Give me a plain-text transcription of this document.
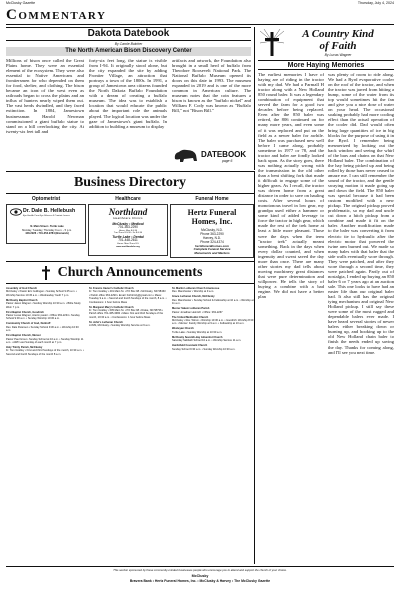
McClusky Gazette	Thursday, July 4, 2024
Commentary
Dakota Datebook
By Carole Butcher
The North American Bison Discovery Center
Millions of bison once called the Great Plains home. They were an essential element of the ecosystem. They were also essential to Native Americans and frontiersmen for who depended on them for food, shelter, and clothing. The bison became an icon of the west even as railroads began to cross the plains and an influx of hunters nearly wiped them out. The vast herds dwindled, and they faced extinction. In 1804, Jamestown businessman Harold Newman commissioned a giant buffalo statue to stand on a hill overlooking the city. At twenty-six feet tall and
forty-six feet long, the statue is visible from I-94. It originally stood alone, but the city expanded the site by adding Frontier Village, an attraction that portrays a town of the 1800s. In 1991, a group of Jamestown area citizens founded the North Dakota Buffalo Foundation with a dream of creating a buffalo museum. The idea was to establish a location that would educate the public about the important role the animals played. The logical location was under the gaze of Jamestown's giant buffalo. In addition to building a museum to display
artifacts and artwork, the Foundation also brought in a small herd of buffalo from Theodore Roosevelt National Park. The National Buffalo Museum opened its doors on this date in 1993. The museum expanded in 2019 and is one of the more common in American culture. The museum notes that the coin features a bison is known as the "buffalo nickel" and William F. Cody was known as "Buffalo Bill," not "Bison Bill."
DATEBOOK
page 6
A Country Kind
of Faith
By Lucas Wagner
More Haying Memories
The earliest memories I have of haying are of riding in the tractor with my dad. We had a Farmall H tractor along with a New Holland 850 round baler. It was a legendary combination of equipment that served the farm for a good two decades before being replaced. Even after the 850 baler was retired, the 806 continued on for many more years, and even some of it was replaced and put on the field as a newer baler for awhile. The baler was purchased new well before I came along, probably sometime in 1977 or 78, and the tractor and baler are fondly looked back upon. As the story goes, there was nothing actually wrong with the transmission in the old other than a bent shifting fork that made it difficult to engage some of the higher gears. As I recall, the tractor was driven home from a great distance in order to save on hauling costs. After several hours of monotonous travel in low gear, my grandpa used either a hammer or some kind of added leverage to force the tractor in high gear, which made the rest of the trek home at least a little more pleasant. Those were the days when the term "tractor trek" actually meant something. Back in the days when every dollar counted, and when ingenuity and sweat saved the day more than once. There are many other stories my dad tells about moving machinery great distances that were pure determination and willpower. He tells the story of buying a combine with a bad engine. We did not have a better plan
was plenty of room to ride along. We had a Byrd evaporative cooler on the roof of the tractor, and when the tractor was jarred from hitting a bump, some of the water from its top would sometimes hit the fan and give you a nice dose of water on your head. The occasional soaking probably had more cooling effect than the actual operation of the cooler did. Dad would often bring large quantities of ice in big blocks for the purpose of using it in the Byrd. I remember being mesmerized by looking out the back window and seeing the whirl of the bars and chains on that New Holland baler. The combination of the hay being picked up and being rolled by those bars never ceased to amaze me. I can still remember the sound of the tractor, and the gentle swaying motion it made going up and down the field. The 850 baler was special because it had been custom modified with a new pickup. The original pickup proved problematic, so my dad and uncle cut down a hitch pickup from a combine and made it fit on the baler. Another modification made to the baler was converting it from electric tie to hydraulic after the electric motor that powered the twine arm burned out. We made so many bales with that baler that the side walls eventually wore through. They were patched, and after they wore through a second time, they were patched again. Partly out of nostalgia, I ended up buying an 850 baler 6 or 7 years ago at an auction sale. This one looks to have had an easier life than our original baler had. It also still has the original tying mechanism and original New Holland pickup. I still say these were some of the most rugged and dependable balers ever made. I have heard several stories of newer balers either breaking down or burning up, and hooking up to the old New Holland chain baler to finish the needs ended up saving the day. Thanks for coming along, and I'll see you next time.
Business Directory
Optometrist	Healthcare	Funeral Home
Dr. Dale B. Hellebush
Eye Health Care Eye Glasses & Contact Lenses
N. Main Street • Turtle Lake
Monday, Tuesday, Thursday 9 a.m. - 5 p.m.
448-2226 • 701-253-9784 (Bismarck)
Northland
Healthcare Clinics
McClusky • Medical
701-363-2290
Hours: Mon 8-5:30
Tue-Thurs 8-5:30 • Fri 8-5:30
Turtle Lake • Dental
701-448-2611
Hours: Mon-Thurs 8-5
www.northlandchc.org
Hertz Funeral
Homes, Inc.
McClusky, N.D.
Phone 363-2290
Harvey, N.D.
Phone 324-4374
hertzfuneralhomes.com
Complete Funeral Service
Monuments and Markers
Church Announcements
Assembly of God Church
McClusky • Pastor Eric Gullingen • Sunday School 9:45 a.m. • Worship Service 10:45 a.m. • Wednesday Youth 7 p.m.
McClusky Baptist Church
Pastor Jason Wagner • Sunday Worship 10:30 a.m. • Bible Study Wed. 7 p.m.
First Baptist Church, Goodrich
Pastor Lucas Wagner, interim pastor • Office 363-2234 • Sunday School 9:30 a.m. • Sunday Worship 10:30 a.m.
Community Church of God, Denhoff
Rev. Dale Petersen • Sunday School 9:30 a.m. • Worship 10:30 a.m.
First Baptist Church, Mercer
Pastor Paul Grout • Sunday School at 10 a.m. • Sunday Worship 11 a.m. • AWF Last Sunday of each month at 7 p.m.
Holy Trinity Parish, McClusky
Fr. Tom Grafsky • First and third Sundays of the month, 10:30 a.m. • Second and fourth Sundays of the month 8 a.m.
St. Francis Xavier's Catholic Church
Fr. Tom Grafsky • 401 Main St. • PO Box 98 • McClusky, ND 58463 • Parish office 363-2290 • Email: hsthtrinity@gmail.com • Mass: Tuesday 9 a.m. • Second and fourth Sundays of the month, 8 a.m. • Confessions: 1 hour before Mass
St. Margaret Mary's Catholic Church
Fr. Tom Grafsky • 605 Main St. • PO Box 98 • Drake, ND 58736 • Parish office 701-465-3384 • Mass: first and third Sundays of the month, 10:30 a.m. • Confessions: 1 hour before Mass
St. John's Lutheran Church
LCMS, McClusky • Sunday Worship Service at 9 a.m.
St. Martin Lutheran Church Anamoose
Rev. Manchester • Worship at 9 a.m.
Grace Lutheran Church, McClusky
Rev. Manchester • Sunday School & Fellowship at 10 a.m. • Worship at 11 a.m.
Mercer Salem Lutheran Parish
Pastor Jonathan Heinrich • Office: 363-2267
The United Methodist Church
McClusky • Rev. Wirum • Worship 10:30 a.m. • Goodrich: Worship 8:30 a.m. • Mercer: Family Worship at 9 a.m. • Fellowship at 10 a.m.
Wesleyan Church
Turtle Lake • Sunday Worship at 10:30 a.m.
McClusky Seventh-day Adventist Church
Saturday Sabbath School 10 a.m. • Worship Service 11 a.m.
Hurdsfield Covenant Church
Sunday School 9:30 a.m. • Sunday Worship 10:30 a.m.
This section sponsored by these community-minded businesses people who encourage you to attend and support the church of your choice.
McClusky
Bravera Bank • Hertz Funeral Homes, Inc. • McClusky & Harvey • The McClusky Gazette
